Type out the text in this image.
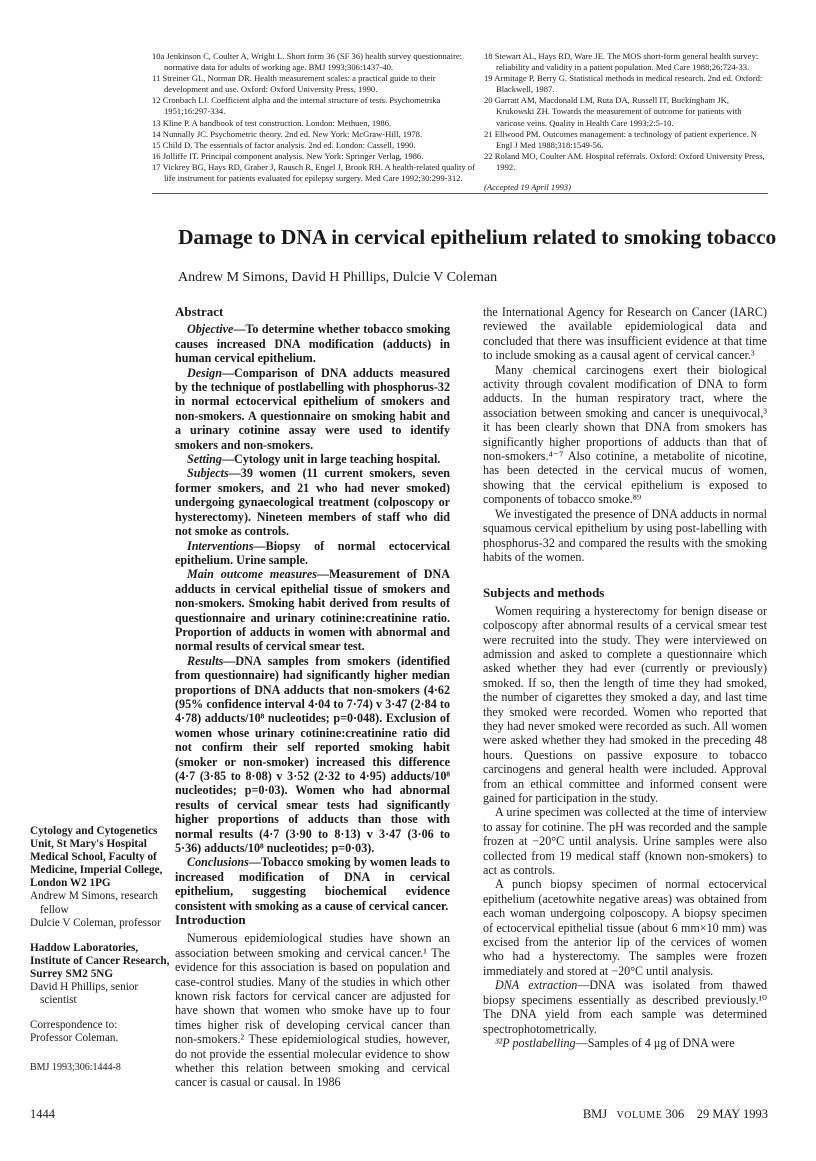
10a Jenkinson C, Coulter A, Wright L. Short form 36 (SF 36) health survey questionnaire: normative data for adults of working age. BMJ 1993;306:1437-40.
11 Streiner GL, Norman DR. Health measurement scales: a practical guide to their development and use. Oxford: Oxford University Press, 1990.
12 Cronbach LJ. Coefficient alpha and the internal structure of tests. Psychometrika 1951;16:297-334.
13 Kline P. A handbook of test construction. London: Methuen, 1986.
14 Nunnally JC. Psychometric theory. 2nd ed. New York: McGraw-Hill, 1978.
15 Child D. The essentials of factor analysis. 2nd ed. London: Cassell, 1990.
16 Jolliffe IT. Principal component analysis. New York: Springer Verlag, 1986.
17 Vickrey BG, Hays RD, Graber J, Rausch R, Engel J, Brook RH. A health-related quality of life instrument for patients evaluated for epilepsy surgery. Med Care 1992;30:299-312.
18 Stewart AL, Hays RD, Ware JE. The MOS short-form general health survey: reliability and validity in a patient population. Med Care 1988;26:724-33.
19 Armitage P, Berry G. Statistical methods in medical research. 2nd ed. Oxford: Blackwell, 1987.
20 Garratt AM, Macdonald LM, Ruta DA, Russell IT, Buckingham JK, Krukowski ZH. Towards the measurement of outcome for patients with varicose veins. Quality in Health Care 1993;2:5-10.
21 Ellwood PM. Outcomes management: a technology of patient experience. N Engl J Med 1988;318:1549-56.
22 Roland MO, Coulter AM. Hospital referrals. Oxford: Oxford University Press, 1992.
(Accepted 19 April 1993)
Damage to DNA in cervical epithelium related to smoking tobacco
Andrew M Simons, David H Phillips, Dulcie V Coleman
Abstract

Objective—To determine whether tobacco smoking causes increased DNA modification (adducts) in human cervical epithelium.

Design—Comparison of DNA adducts measured by the technique of postlabelling with phosphorus-32 in normal ectocervical epithelium of smokers and non-smokers. A questionnaire on smoking habit and a urinary cotinine assay were used to identify smokers and non-smokers.

Setting—Cytology unit in large teaching hospital.

Subjects—39 women (11 current smokers, seven former smokers, and 21 who had never smoked) undergoing gynaecological treatment (colposcopy or hysterectomy). Nineteen members of staff who did not smoke as controls.

Interventions—Biopsy of normal ectocervical epithelium. Urine sample.

Main outcome measures—Measurement of DNA adducts in cervical epithelial tissue of smokers and non-smokers. Smoking habit derived from results of questionnaire and urinary cotinine:creatinine ratio. Proportion of adducts in women with abnormal and normal results of cervical smear test.

Results—DNA samples from smokers (identified from questionnaire) had significantly higher median proportions of DNA adducts that non-smokers (4·62 (95% confidence interval 4·04 to 7·74) v 3·47 (2·84 to 4·78) adducts/10⁸ nucleotides; p=0·048). Exclusion of women whose urinary cotinine:creatinine ratio did not confirm their self reported smoking habit (smoker or non-smoker) increased this difference (4·7 (3·85 to 8·08) v 3·52 (2·32 to 4·95) adducts/10⁸ nucleotides; p=0·03). Women who had abnormal results of cervical smear tests had significantly higher proportions of adducts than those with normal results (4·7 (3·90 to 8·13) v 3·47 (3·06 to 5·36) adducts/10⁸ nucleotides; p=0·03).

Conclusions—Tobacco smoking by women leads to increased modification of DNA in cervical epithelium, suggesting biochemical evidence consistent with smoking as a cause of cervical cancer.

Introduction

Numerous epidemiological studies have shown an association between smoking and cervical cancer.¹ The evidence for this association is based on population and case-control studies. Many of the studies in which other known risk factors for cervical cancer are adjusted for have shown that women who smoke have up to four times higher risk of developing cervical cancer than non-smokers.² These epidemiological studies, however, do not provide the essential molecular evidence to show whether this relation between smoking and cervical cancer is casual or causal. In 1986

the International Agency for Research on Cancer (IARC) reviewed the available epidemiological data and concluded that there was insufficient evidence at that time to include smoking as a causal agent of cervical cancer.³

Many chemical carcinogens exert their biological activity through covalent modification of DNA to form adducts. In the human respiratory tract, where the association between smoking and cancer is unequivocal,³ it has been clearly shown that DNA from smokers has significantly higher proportions of adducts than that of non-smokers.⁴⁻⁷ Also cotinine, a metabolite of nicotine, has been detected in the cervical mucus of women, showing that the cervical epithelium is exposed to components of tobacco smoke.⁸⁹

We investigated the presence of DNA adducts in normal squamous cervical epithelium by using post-labelling with phosphorus-32 and compared the results with the smoking habits of the women.

Subjects and methods

Women requiring a hysterectomy for benign disease or colposcopy after abnormal results of a cervical smear test were recruited into the study. They were interviewed on admission and asked to complete a questionnaire which asked whether they had ever (currently or previously) smoked. If so, then the length of time they had smoked, the number of cigarettes they smoked a day, and last time they smoked were recorded. Women who reported that they had never smoked were recorded as such. All women were asked whether they had smoked in the preceding 48 hours. Questions on passive exposure to tobacco carcinogens and general health were included. Approval from an ethical committee and informed consent were gained for participation in the study.

A urine specimen was collected at the time of interview to assay for cotinine. The pH was recorded and the sample frozen at −20°C until analysis. Urine samples were also collected from 19 medical staff (known non-smokers) to act as controls.

A punch biopsy specimen of normal ectocervical epithelium (acetowhite negative areas) was obtained from each woman undergoing colposcopy. A biopsy specimen of ectocervical epithelial tissue (about 6 mm×10 mm) was excised from the anterior lip of the cervices of women who had a hysterectomy. The samples were frozen immediately and stored at −20°C until analysis.

DNA extraction—DNA was isolated from thawed biopsy specimens essentially as described previously.¹⁰ The DNA yield from each sample was determined spectrophotometrically.

³²P postlabelling—Samples of 4 μg of DNA were

Cytology and Cytogenetics Unit, St Mary's Hospital Medical School, Faculty of Medicine, Imperial College, London W2 1PG
Andrew M Simons, research fellow
Dulcie V Coleman, professor
Haddow Laboratories, Institute of Cancer Research, Surrey SM2 5NG
David H Phillips, senior scientist
Correspondence to:
Professor Coleman.
BMJ 1993;306:1444-8
1444	BMJ VOLUME 306 29 MAY 1993
